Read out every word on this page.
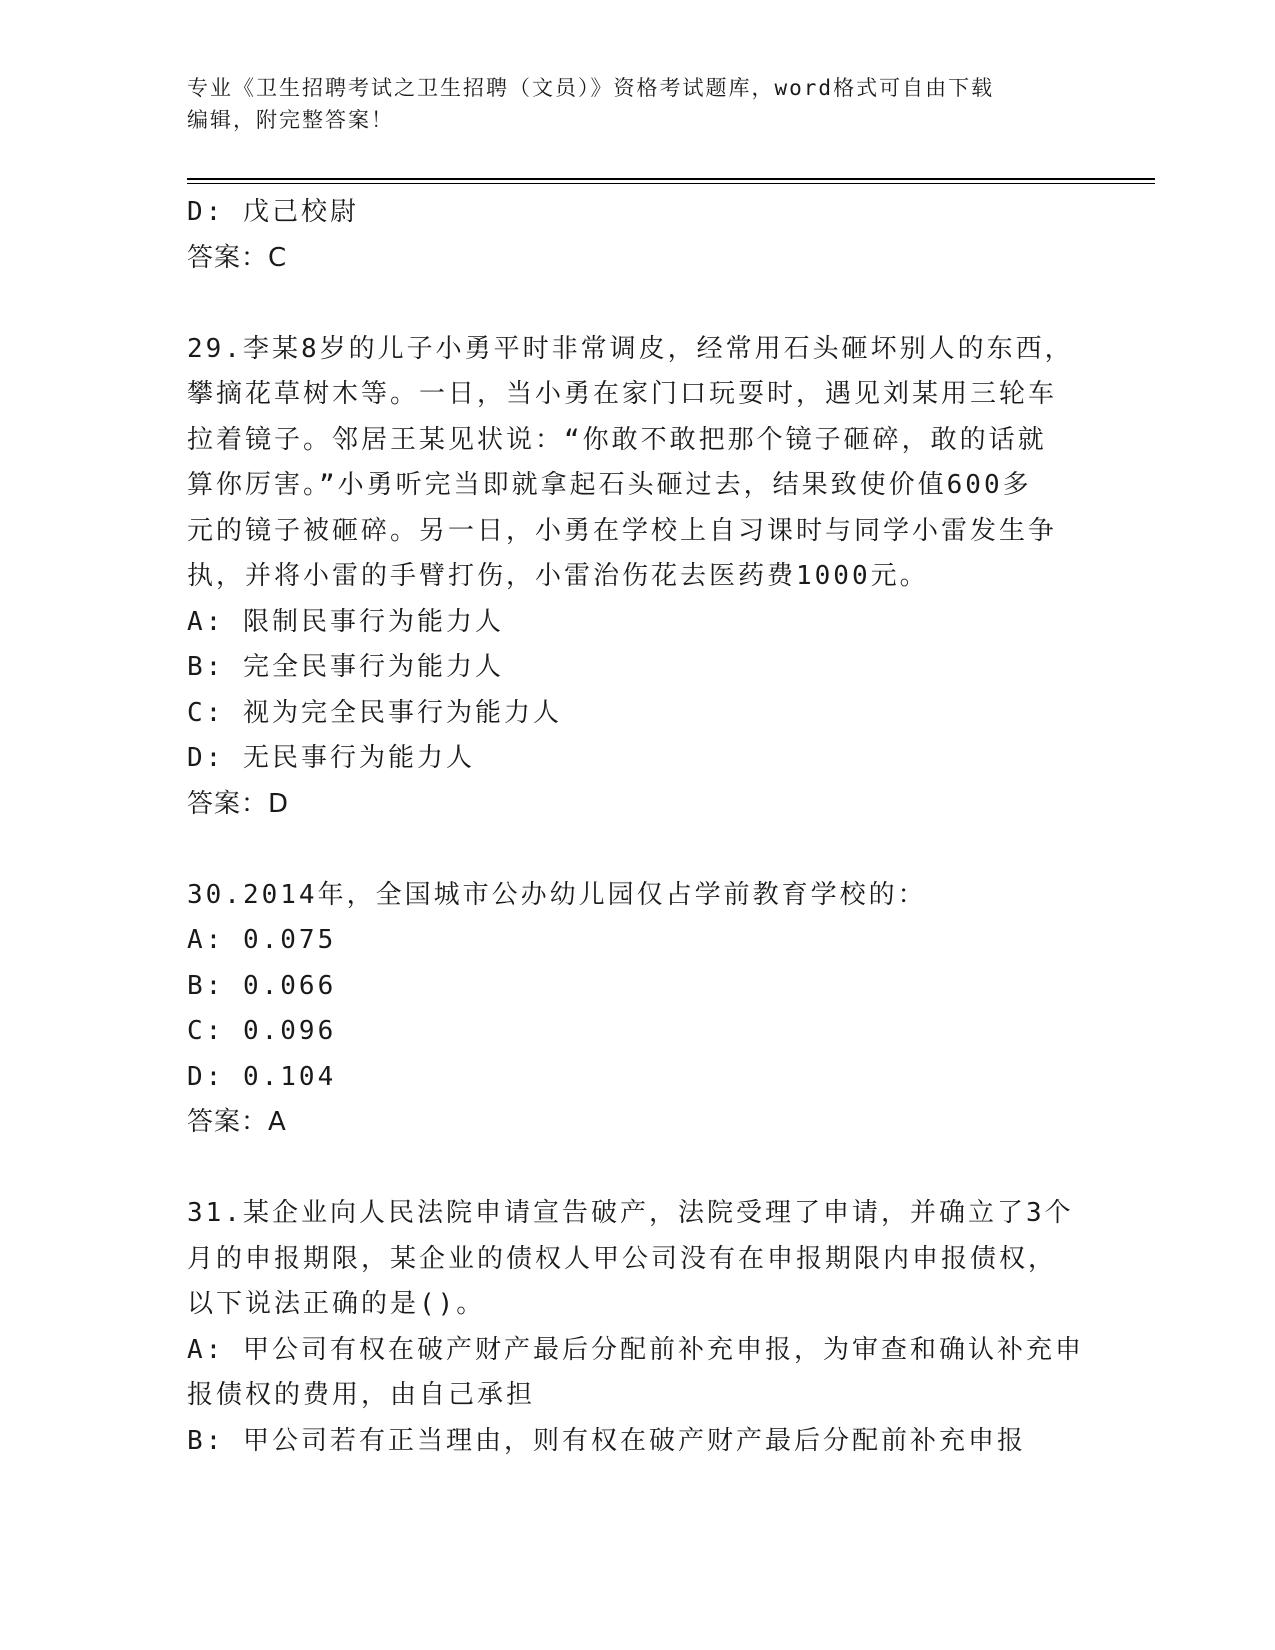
专业《卫生招聘考试之卫生招聘（文员）》资格考试题库，word格式可自由下载
编辑，附完整答案！
D: 戊己校尉
答案：C
29.李某8岁的儿子小勇平时非常调皮，经常用石头砸坏别人的东西，
攀摘花草树木等。一日，当小勇在家门口玩耍时，遇见刘某用三轮车
拉着镜子。邻居王某见状说：“你敢不敢把那个镜子砸碎，敢的话就
算你厉害。”小勇听完当即就拿起石头砸过去，结果致使价值600多
元的镜子被砸碎。另一日，小勇在学校上自习课时与同学小雷发生争
执，并将小雷的手臂打伤，小雷治伤花去医药费1000元。
A: 限制民事行为能力人
B: 完全民事行为能力人
C: 视为完全民事行为能力人
D: 无民事行为能力人
答案：D
30.2014年，全国城市公办幼儿园仅占学前教育学校的：
A: 0.075
B: 0.066
C: 0.096
D: 0.104
答案：A
31.某企业向人民法院申请宣告破产，法院受理了申请，并确立了3个
月的申报期限，某企业的债权人甲公司没有在申报期限内申报债权，
以下说法正确的是()。
A: 甲公司有权在破产财产最后分配前补充申报，为审查和确认补充申
报债权的费用，由自己承担
B: 甲公司若有正当理由，则有权在破产财产最后分配前补充申报
